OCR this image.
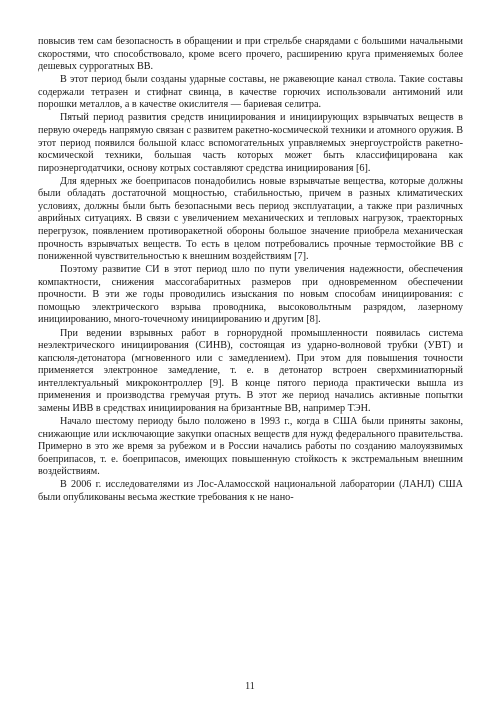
повысив тем сам безопасность в обращении и при стрельбе снарядами с большими начальными скоростями, что способствовало, кроме всего прочего, расширению круга применяемых более дешевых суррогатных ВВ.

В этот период были созданы ударные составы, не ржавеющие канал ствола. Такие составы содержали тетразен и стифнат свинца, в качестве горючих использовали антимоний или порошки металлов, а в качестве окислителя — бариевая селитра.

Пятый период развития средств инициирования и инициирующих взрывчатых веществ в первую очередь напрямую связан с развитем ракетно-космической техники и атомного оружия. В этот период появился большой класс вспомогательных управляемых энергоустройств ракетно-космической техники, большая часть которых может быть классифицирована как пироэнергодатчики, основу котрых составляют средства инициирования [6].

Для ядерных же боеприпасов понадобились новые взрывчатые вещества, которые должны были обладать достаточной мощностью, стабильностью, причем в разных климатических условиях, должны были быть безопасными весь период эксплуатации, а также при различных аврийных ситуациях. В связи с увеличением механических и тепловых нагрузок, траекторных перегрузок, появлением противоракетной обороны большое значение приобрела механическая прочность взрывчатых веществ. То есть в целом потребовались прочные термостойкие ВВ с пониженной чувствительностью к внешним воздействиям [7].

Поэтому развитие СИ в этот период шло по пути увеличения надежности, обеспечения компактности, снижения массогабаритных размеров при одновременном обеспечении прочности. В эти же годы проводились изыскания по новым способам инициирования: с помощью электрического взрыва проводника, высоковольтным разрядом, лазерному инициированию, много-точечному инициированию и другим [8].

При ведении взрывных работ в горнорудной промышленности появилась система неэлектрического инициирования (СИНВ), состоящая из ударно-волновой трубки (УВТ) и капсюля-детонатора (мгновенного или с замедлением). При этом для повышения точности применяется электронное замедление, т. е. в детонатор встроен сверхминиатюрный интеллектуальный микроконтроллер [9]. В конце пятого периода практически вышла из применения и производства гремучая ртуть. В этот же период начались активные попытки замены ИВВ в средствах инициирования на бризантные ВВ, например ТЭН.

Начало шестому периоду было положено в 1993 г., когда в США были приняты законы, снижающие или исключающие закупки опасных веществ для нужд федерального правительства. Примерно в это же время за рубежом и в России начались работы по созданию малоуязвимых боеприпасов, т. е. боеприпасов, имеющих повышенную стойкость к экстремальным внешним воздействиям.

В 2006 г. исследователями из Лос-Аламосской национальной лаборатории (ЛАНЛ) США были опубликованы весьма жесткие требования к не нано-

11
